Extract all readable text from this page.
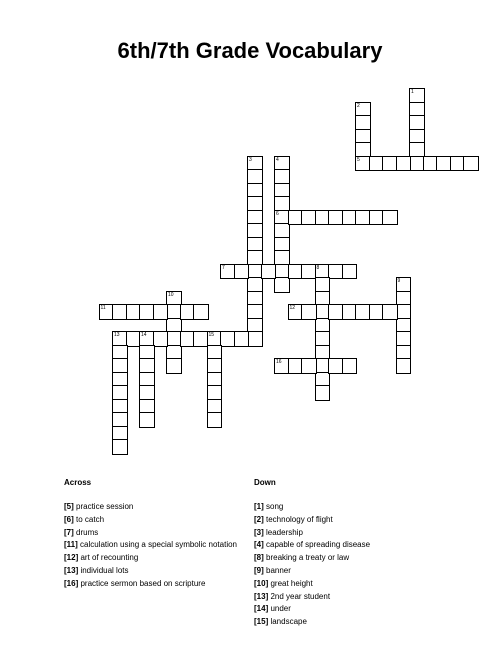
6th/7th Grade Vocabulary
1
2
5
3	4
6
7	8
9
10
11	12
13	14	15
16
Across
[5] practice session
[6] to catch
[7] drums
[11] calculation using a special symbolic notation
[12] art of recounting
[13] individual lots
[16] practice sermon based on scripture
Down
[1] song
[2] technology of flight
[3] leadership
[4] capable of spreading disease
[8] breaking a treaty or law
[9] banner
[10] great height
[13] 2nd year student
[14] under
[15] landscape
